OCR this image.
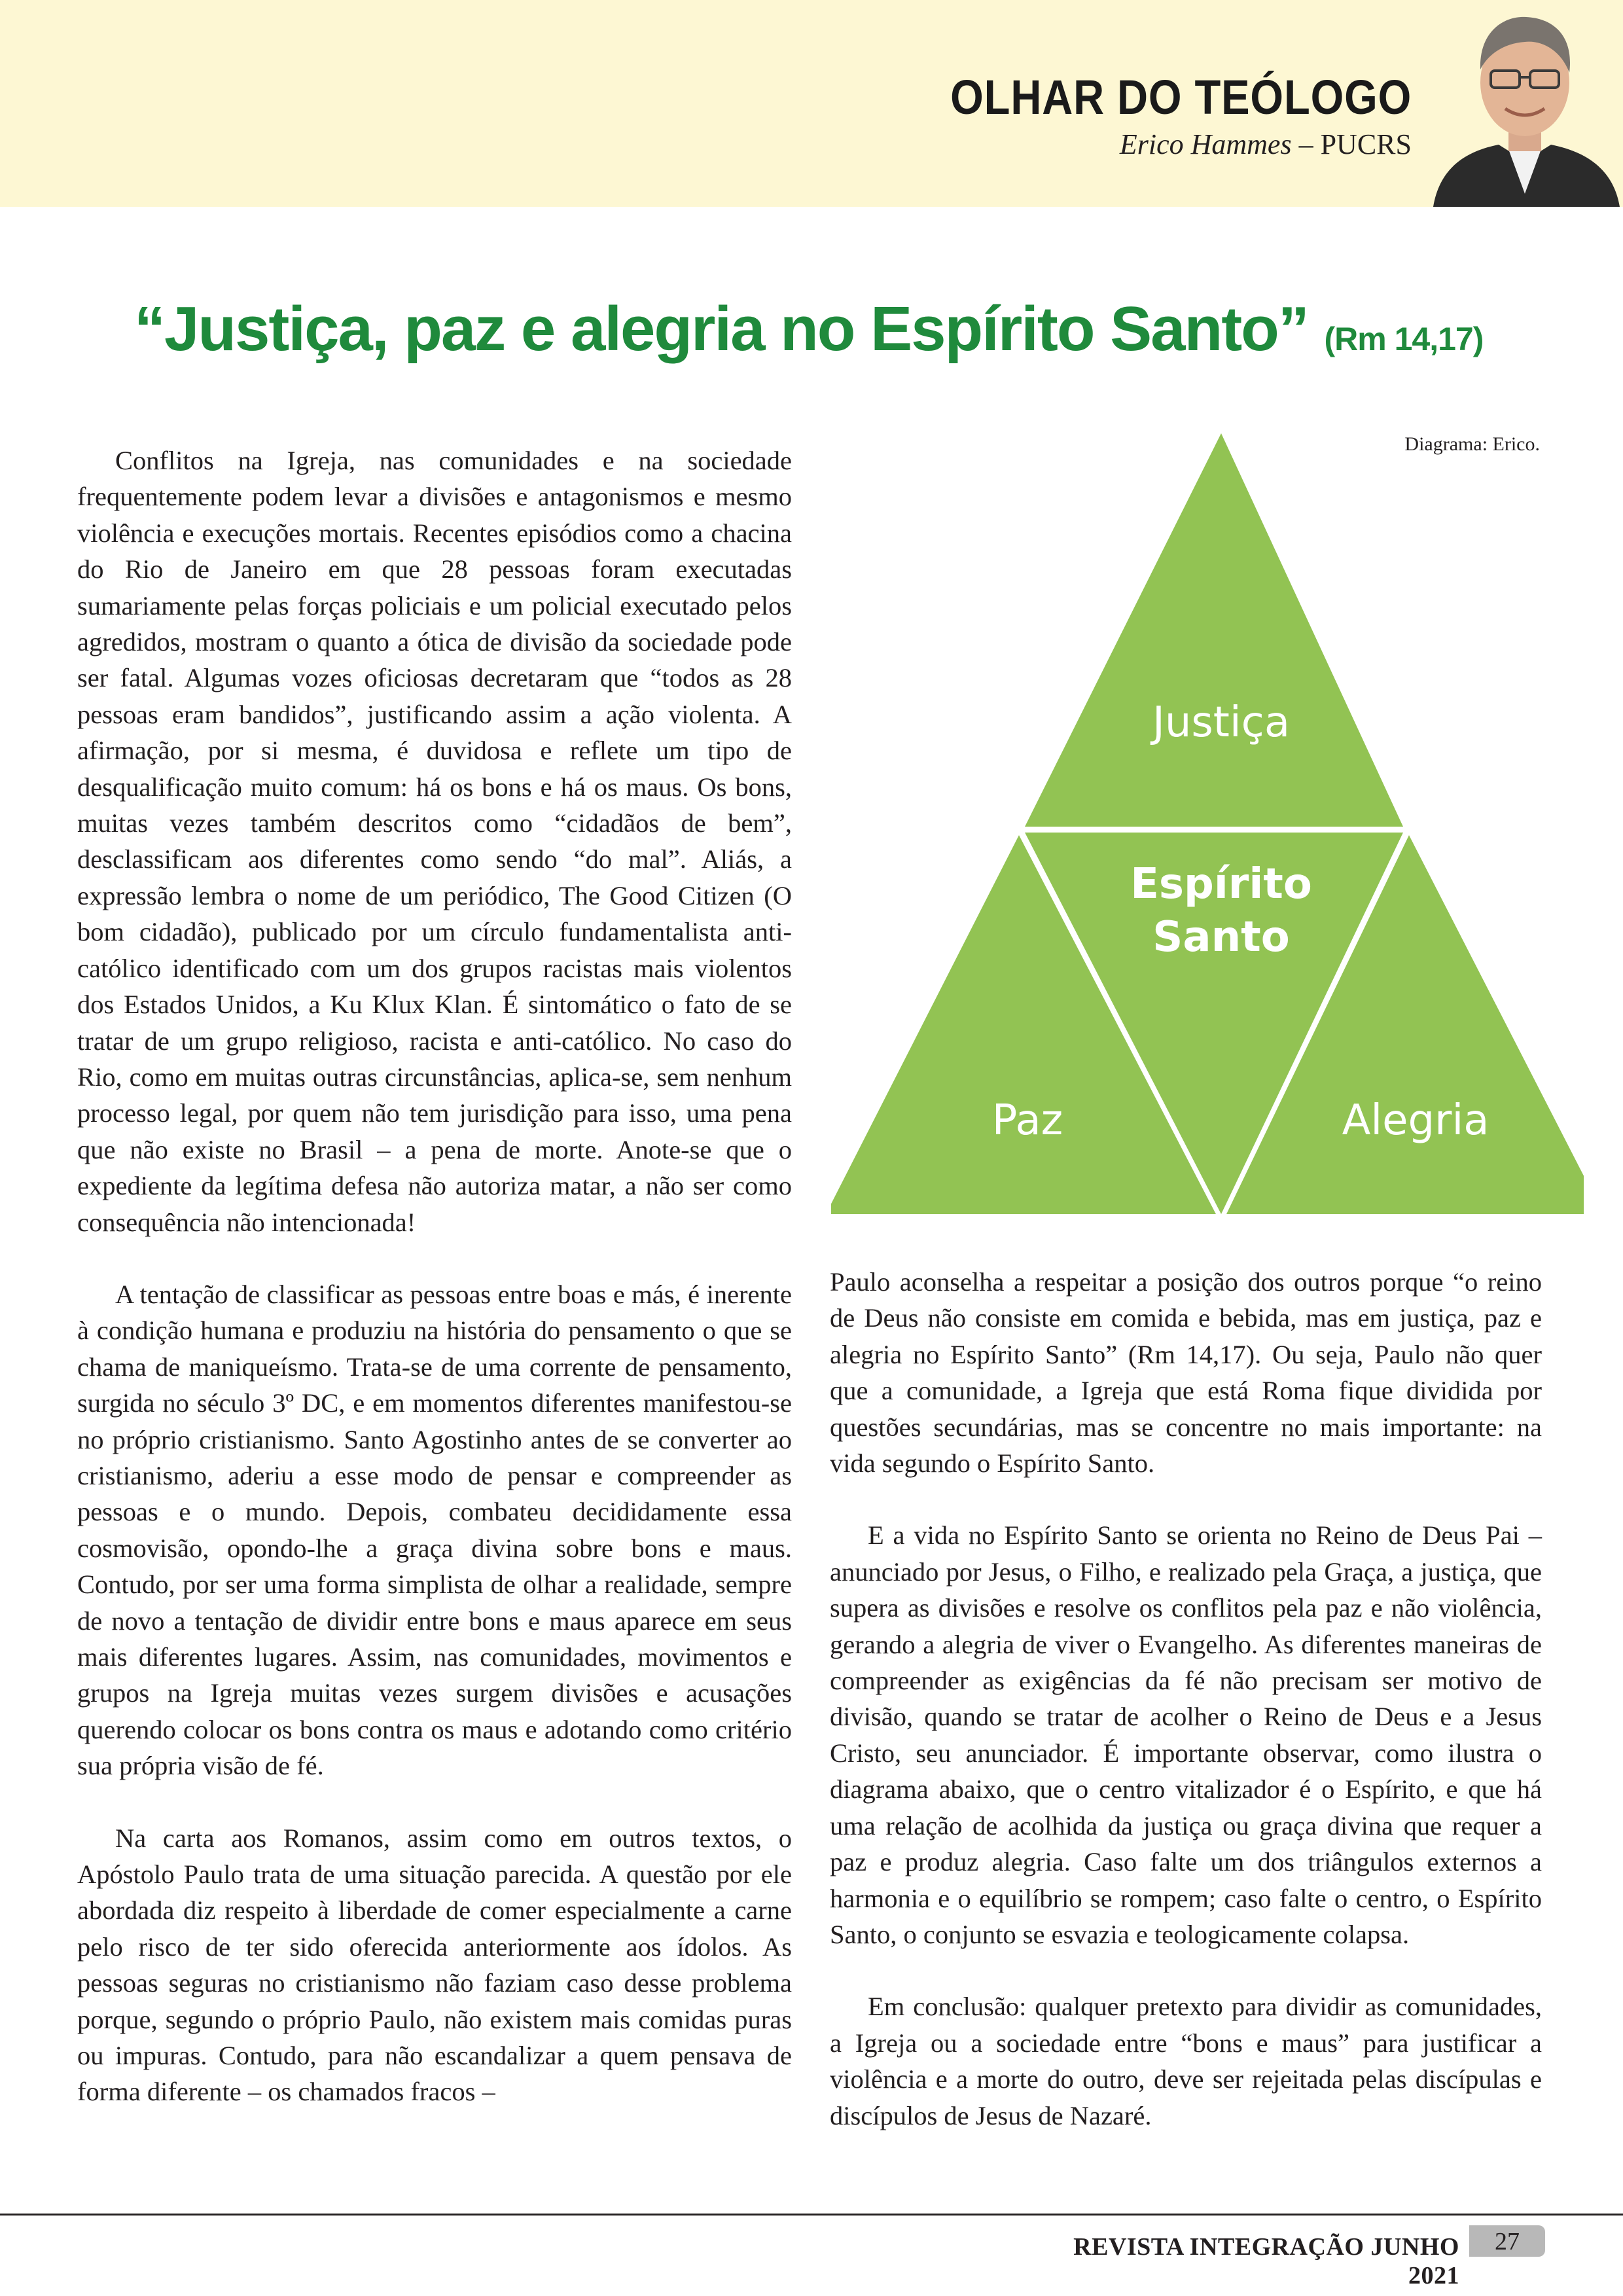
OLHAR DO TEÓLOGO
Erico Hammes – PUCRS
“Justiça, paz e alegria no Espírito Santo” (Rm 14,17)

Conflitos na Igreja, nas comunidades e na sociedade frequentemente podem levar a divisões e antagonismos e mesmo violência e execuções mortais. Recentes episódios como a chacina do Rio de Janeiro em que 28 pessoas foram executadas sumariamente pelas forças policiais e um policial executado pelos agredidos, mostram o quanto a ótica de divisão da sociedade pode ser fatal. Algumas vozes oficiosas decretaram que “todos as 28 pessoas eram bandidos”, justificando assim a ação violenta. A afirmação, por si mesma, é duvidosa e reflete um tipo de desqualificação muito comum: há os bons e há os maus. Os bons, muitas vezes também descritos como “cidadãos de bem”, desclassificam aos diferentes como sendo “do mal”. Aliás, a expressão lembra o nome de um periódico, The Good Citizen (O bom cidadão), publicado por um círculo fundamentalista anti-católico identificado com um dos grupos racistas mais violentos dos Estados Unidos, a Ku Klux Klan. É sintomático o fato de se tratar de um grupo religioso, racista e anti-católico. No caso do Rio, como em muitas outras circunstâncias, aplica-se, sem nenhum processo legal, por quem não tem jurisdição para isso, uma pena que não existe no Brasil – a pena de morte. Anote-se que o expediente da legítima defesa não autoriza matar, a não ser como consequência não intencionada!

A tentação de classificar as pessoas entre boas e más, é inerente à condição humana e produziu na história do pensamento o que se chama de maniqueísmo. Trata-se de uma corrente de pensamento, surgida no século 3º DC, e em momentos diferentes manifestou-se no próprio cristianismo. Santo Agostinho antes de se converter ao cristianismo, aderiu a esse modo de pensar e compreender as pessoas e o mundo. Depois, combateu decididamente essa cosmovisão, opondo-lhe a graça divina sobre bons e maus. Contudo, por ser uma forma simplista de olhar a realidade, sempre de novo a tentação de dividir entre bons e maus aparece em seus mais diferentes lugares. Assim, nas comunidades, movimentos e grupos na Igreja muitas vezes surgem divisões e acusações querendo colocar os bons contra os maus e adotando como critério sua própria visão de fé.

Na carta aos Romanos, assim como em outros textos, o Apóstolo Paulo trata de uma situação parecida. A questão por ele abordada diz respeito à liberdade de comer especialmente a carne pelo risco de ter sido oferecida anteriormente aos ídolos. As pessoas seguras no cristianismo não faziam caso desse problema porque, segundo o próprio Paulo, não existem mais comidas puras ou impuras. Contudo, para não escandalizar a quem pensava de forma diferente – os chamados fracos –

Diagrama: Erico.
Justiça
Espírito
Santo
Paz	Alegria

Paulo aconselha a respeitar a posição dos outros porque “o reino de Deus não consiste em comida e bebida, mas em justiça, paz e alegria no Espírito Santo” (Rm 14,17). Ou seja, Paulo não quer que a comunidade, a Igreja que está Roma fique dividida por questões secundárias, mas se concentre no mais importante: na vida segundo o Espírito Santo.

E a vida no Espírito Santo se orienta no Reino de Deus Pai – anunciado por Jesus, o Filho, e realizado pela Graça, a justiça, que supera as divisões e resolve os conflitos pela paz e não violência, gerando a alegria de viver o Evangelho. As diferentes maneiras de compreender as exigências da fé não precisam ser motivo de divisão, quando se tratar de acolher o Reino de Deus e a Jesus Cristo, seu anunciador. É importante observar, como ilustra o diagrama abaixo, que o centro vitalizador é o Espírito, e que há uma relação de acolhida da justiça ou graça divina que requer a paz e produz alegria. Caso falte um dos triângulos externos a harmonia e o equilíbrio se rompem; caso falte o centro, o Espírito Santo, o conjunto se esvazia e teologicamente colapsa.

Em conclusão: qualquer pretexto para dividir as comunidades, a Igreja ou a sociedade entre “bons e maus” para justificar a violência e a morte do outro, deve ser rejeitada pelas discípulas e discípulos de Jesus de Nazaré.

REVISTA INTEGRAÇÃO JUNHO 2021
27
